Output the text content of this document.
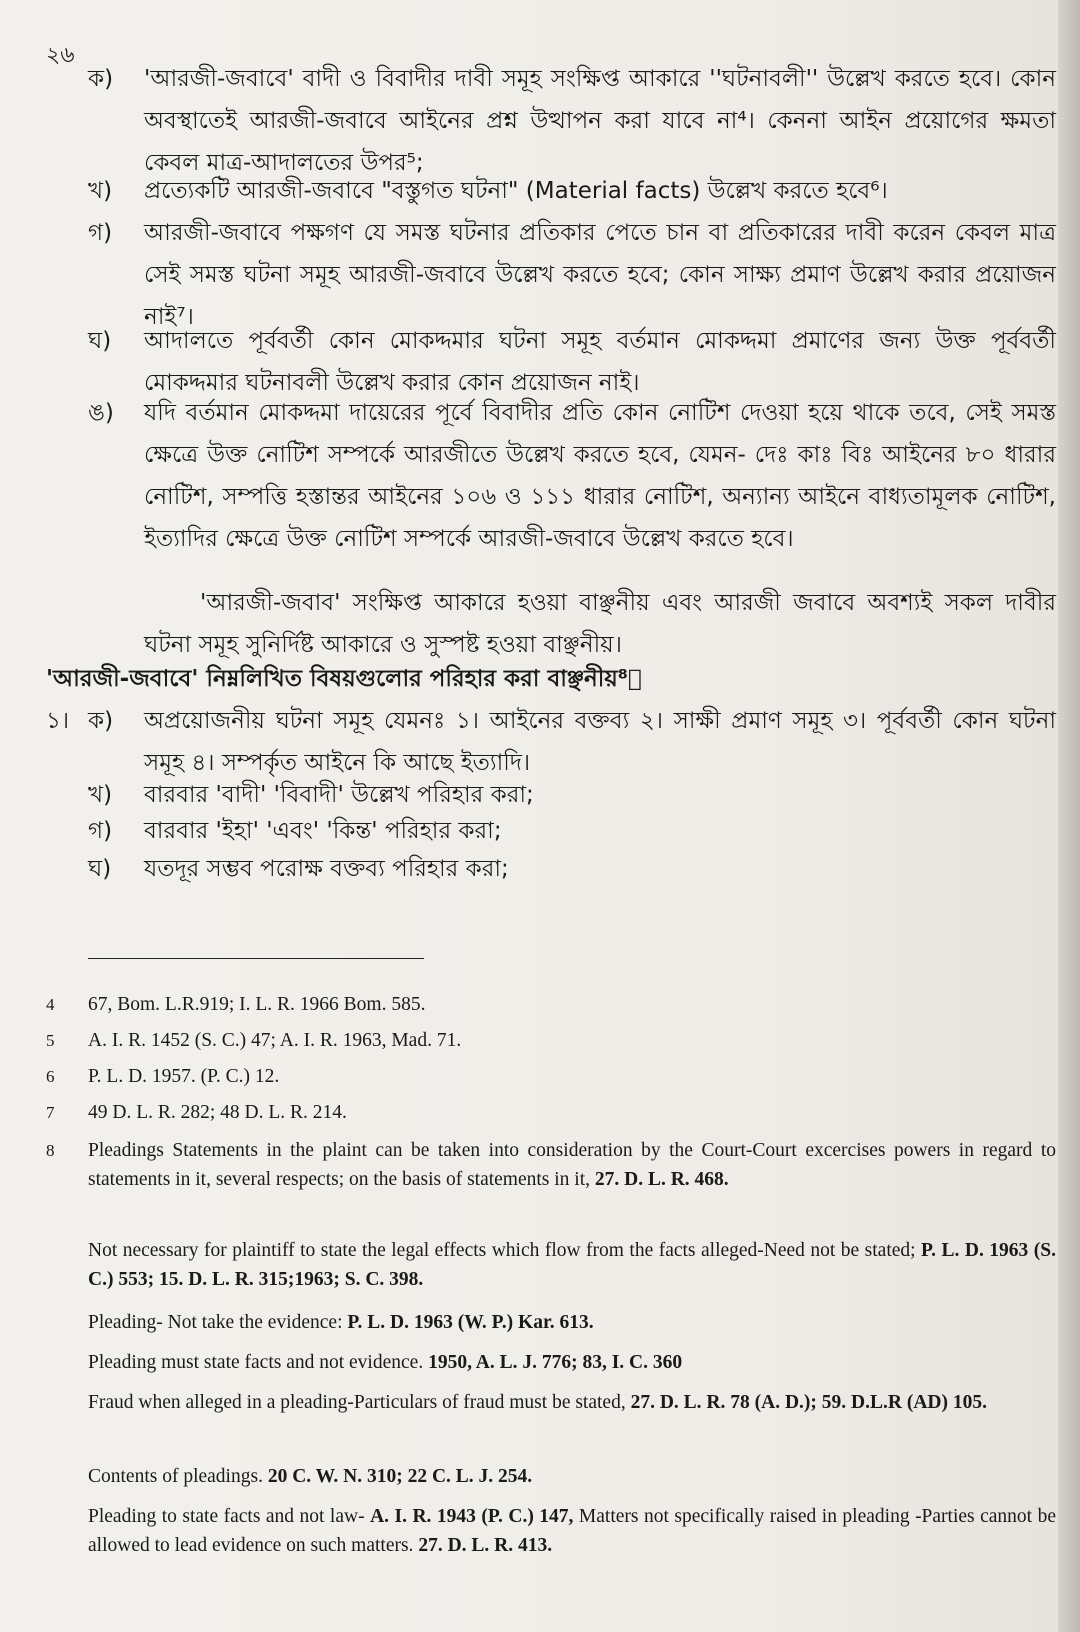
২৬
ক) 'আরজী-জবাবে' বাদী ও বিবাদীর দাবী সমূহ সংক্ষিপ্ত আকারে ''ঘটনাবলী'' উল্লেখ করতে হবে। কোন অবস্থাতেই আরজী-জবাবে আইনের প্রশ্ন উত্থাপন করা যাবে না⁴। কেননা আইন প্রয়োগের ক্ষমতা কেবল মাত্র-আদালতের উপর⁵;
খ) প্রত্যেকটি আরজী-জবাবে "বস্তুগত ঘটনা" (Material facts) উল্লেখ করতে হবে⁶।
গ) আরজী-জবাবে পক্ষগণ যে সমস্ত ঘটনার প্রতিকার পেতে চান বা প্রতিকারের দাবী করেন কেবল মাত্র সেই সমস্ত ঘটনা সমূহ আরজী-জবাবে উল্লেখ করতে হবে; কোন সাক্ষ্য প্রমাণ উল্লেখ করার প্রয়োজন নাই⁷।
ঘ) আদালতে পূর্ববর্তী কোন মোকদ্দমার ঘটনা সমূহ বর্তমান মোকদ্দমা প্রমাণের জন্য উক্ত পূর্ববর্তী মোকদ্দমার ঘটনাবলী উল্লেখ করার কোন প্রয়োজন নাই।
ঙ) যদি বর্তমান মোকদ্দমা দায়েরের পূর্বে বিবাদীর প্রতি কোন নোটিশ দেওয়া হয়ে থাকে তবে, সেই সমস্ত ক্ষেত্রে উক্ত নোটিশ সম্পর্কে আরজীতে উল্লেখ করতে হবে, যেমন- দেঃ কাঃ বিঃ আইনের ৮০ ধারার নোটিশ, সম্পত্তি হস্তান্তর আইনের ১০৬ ও ১১১ ধারার নোটিশ, অন্যান্য আইনে বাধ্যতামূলক নোটিশ, ইত্যাদির ক্ষেত্রে উক্ত নোটিশ সম্পর্কে আরজী-জবাবে উল্লেখ করতে হবে।
'আরজী-জবাব' সংক্ষিপ্ত আকারে হওয়া বাঞ্ছনীয় এবং আরজী জবাবে অবশ্যই সকল দাবীর ঘটনা সমূহ সুনির্দিষ্ট আকারে ও সুস্পষ্ট হওয়া বাঞ্ছনীয়।
'আরজী-জবাবে' নিম্নলিখিত বিষয়গুলোর পরিহার করা বাঞ্ছনীয়⁸ঃ
১। ক) অপ্রয়োজনীয় ঘটনা সমূহ যেমনঃ ১। আইনের বক্তব্য ২। সাক্ষী প্রমাণ সমূহ ৩। পূর্ববর্তী কোন ঘটনা সমূহ ৪। সম্পর্কৃত আইনে কি আছে ইত্যাদি।
খ) বারবার 'বাদী' 'বিবাদী' উল্লেখ পরিহার করা;
গ) বারবার 'ইহা' 'এবং' 'কিন্ত' পরিহার করা;
ঘ) যতদূর সম্ভব পরোক্ষ বক্তব্য পরিহার করা;
4 67, Bom. L.R.919; I. L. R. 1966 Bom. 585.
5 A. I. R. 1452 (S. C.) 47; A. I. R. 1963, Mad. 71.
6 P. L. D. 1957. (P. C.) 12.
7 49 D. L. R. 282; 48 D. L. R. 214.
8 Pleadings Statements in the plaint can be taken into consideration by the Court-Court excercises powers in regard to statements in it, several respects; on the basis of statements in it, 27. D. L. R. 468.
Not necessary for plaintiff to state the legal effects which flow from the facts alleged-Need not be stated; P. L. D. 1963 (S. C.) 553; 15. D. L. R. 315;1963; S. C. 398.
Pleading- Not take the evidence: P. L. D. 1963 (W. P.) Kar. 613.
Pleading must state facts and not evidence. 1950, A. L. J. 776; 83, I. C. 360
Fraud when alleged in a pleading-Particulars of fraud must be stated, 27. D. L. R. 78 (A. D.); 59. D.L.R (AD) 105.
Contents of pleadings. 20 C. W. N. 310; 22 C. L. J. 254.
Pleading to state facts and not law- A. I. R. 1943 (P. C.) 147, Matters not specifically raised in pleading -Parties cannot be allowed to lead evidence on such matters. 27. D. L. R. 413.
